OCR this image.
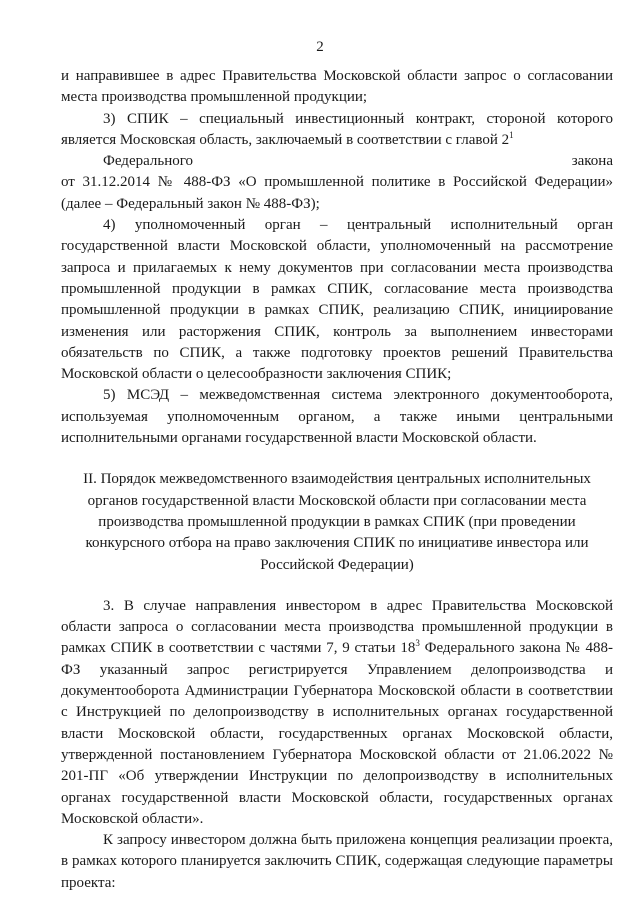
2

и направившее в адрес Правительства Московской области запрос о согласовании места производства промышленной продукции;

3) СПИК – специальный инвестиционный контракт, стороной которого является Московская область, заключаемый в соответствии с главой $2^1$
Федерального	закона
от 31.12.2014 № 488-ФЗ «О промышленной политике в Российской Федерации» (далее – Федеральный закон № 488-ФЗ);

4) уполномоченный орган – центральный исполнительный орган государственной власти Московской области, уполномоченный на рассмотрение запроса и прилагаемых к нему документов при согласовании места производства промышленной продукции в рамках СПИК, согласование места производства промышленной продукции в рамках СПИК, реализацию СПИК, инициирование изменения или расторжения СПИК, контроль за выполнением инвесторами обязательств по СПИК, а также подготовку проектов решений Правительства Московской области о целесообразности заключения СПИК;

5) МСЭД – межведомственная система электронного документооборота, используемая уполномоченным органом, а также иными центральными исполнительными органами государственной власти Московской области.

II. Порядок межведомственного взаимодействия центральных исполнительных органов государственной власти Московской области при согласовании места производства промышленной продукции в рамках СПИК (при проведении конкурсного отбора на право заключения СПИК по инициативе инвестора или Российской Федерации)

3. В случае направления инвестором в адрес Правительства Московской области запроса о согласовании места производства промышленной продукции в рамках СПИК в соответствии с частями 7, 9 статьи $18^3$ Федерального закона № 488-ФЗ указанный запрос регистрируется Управлением делопроизводства и документооборота Администрации Губернатора Московской области в соответствии с Инструкцией по делопроизводству в исполнительных органах государственной власти Московской области, государственных органах Московской области, утвержденной постановлением Губернатора Московской области от 21.06.2022 № 201-ПГ «Об утверждении Инструкции по делопроизводству в исполнительных органах государственной власти Московской области, государственных органах Московской области».

К запросу инвестором должна быть приложена концепция реализации проекта, в рамках которого планируется заключить СПИК, содержащая следующие параметры проекта:
